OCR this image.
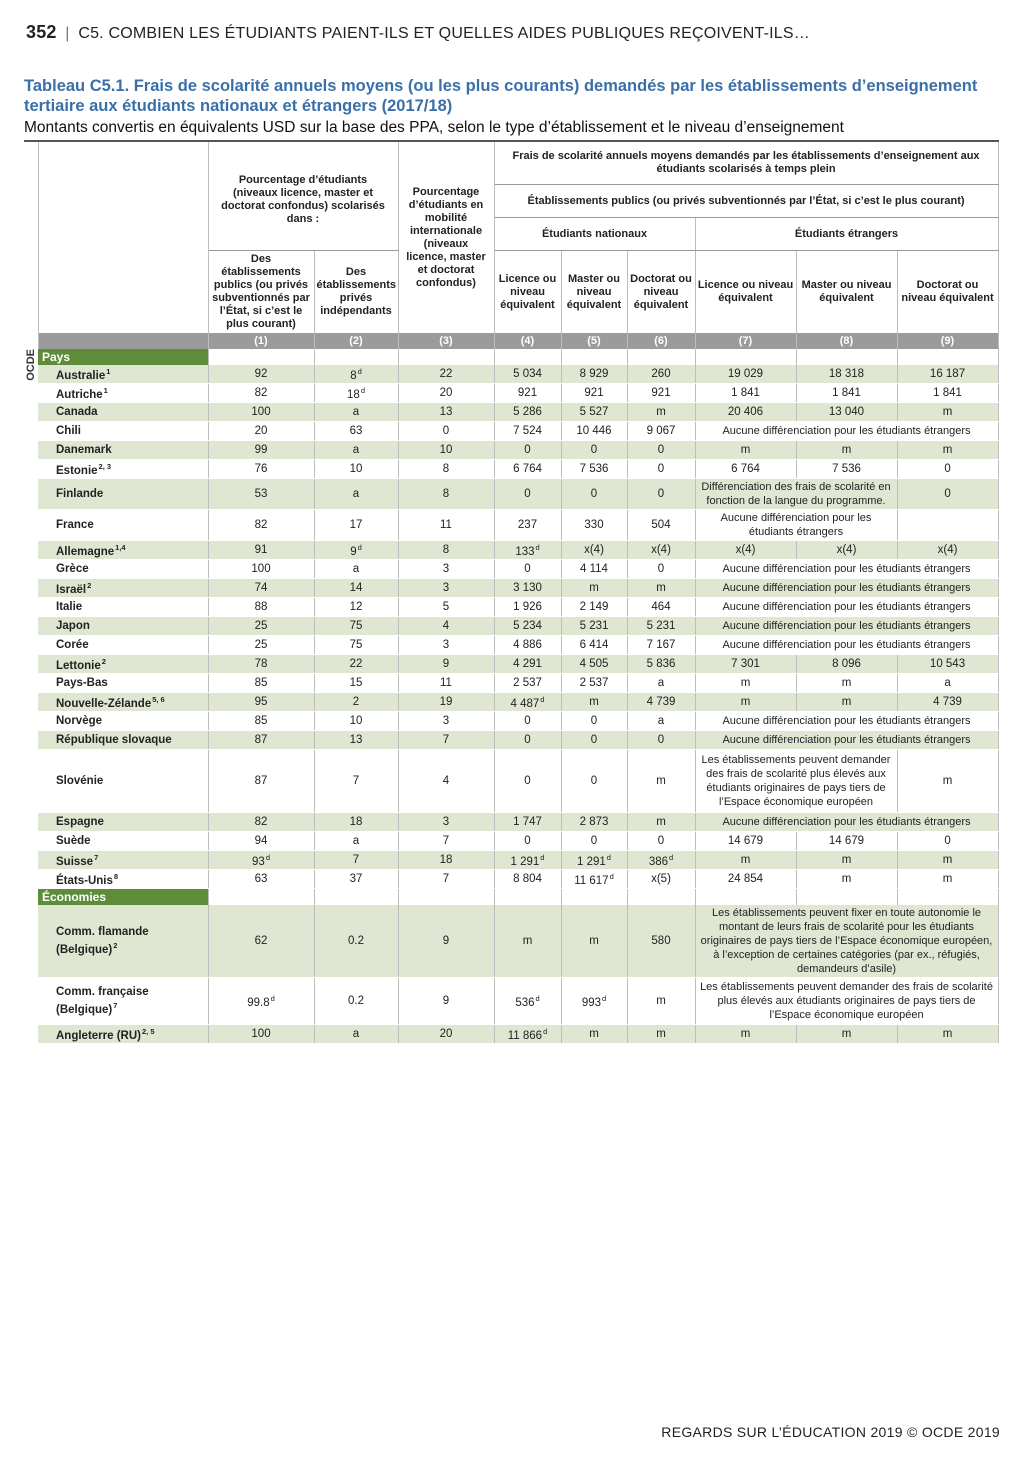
352 | C5. COMBIEN LES ÉTUDIANTS PAIENT-ILS ET QUELLES AIDES PUBLIQUES REÇOIVENT-ILS…
Tableau C5.1. Frais de scolarité annuels moyens (ou les plus courants) demandés par les établissements d’enseignement tertiaire aux étudiants nationaux et étrangers (2017/18)
Montants convertis en équivalents USD sur la base des PPA, selon le type d’établissement et le niveau d’enseignement
		Pourcentage d’étudiants (niveaux licence, master et doctorat confondus) scolarisés dans :		Pourcentage d’étudiants en mobilité internationale (niveaux licence, master et doctorat confondus)	Frais de scolarité annuels moyens demandés par les établissements d’enseignement aux étudiants scolarisés à temps plein					
					Établissements publics (ou privés subventionnés par l’État, si c’est le plus courant)					
					Étudiants nationaux			Étudiants étrangers		
		Des établissements publics (ou privés subventionnés par l’État, si c’est le plus courant)	Des établissements privés indépendants		Licence ou niveau équivalent	Master ou niveau équivalent	Doctorat ou niveau équivalent	Licence ou niveau équivalent	Master ou niveau équivalent	Doctorat ou niveau équivalent
		(1)	(2)	(3)	(4)	(5)	(6)	(7)	(8)	(9)
OCDE	Pays									
	Australie$^1$	92	8$^d$	22	5 034	8 929	260	19 029	18 318	16 187
	Autriche$^1$	82	18$^d$	20	921	921	921	1 841	1 841	1 841
	Canada	100	a	13	5 286	5 527	m	20 406	13 040	m
	Chili	20	63	0	7 524	10 446	9 067	Aucune différenciation pour les étudiants étrangers		
	Danemark	99	a	10	0	0	0	m	m	m
	Estonie$^{2, 3}$	76	10	8	6 764	7 536	0	6 764	7 536	0
	Finlande	53	a	8	0	0	0	Différenciation des frais de scolarité en fonction de la langue du programme.		0
	France	82	17	11	237	330	504	Aucune différenciation pour les étudiants étrangers		
	Allemagne$^{1,4}$	91	9$^d$	8	133$^d$	x(4)	x(4)	x(4)	x(4)	x(4)
	Grèce	100	a	3	0	4 114	0	Aucune différenciation pour les étudiants étrangers		
	Israël$^2$	74	14	3	3 130	m	m	Aucune différenciation pour les étudiants étrangers		
	Italie	88	12	5	1 926	2 149	464	Aucune différenciation pour les étudiants étrangers		
	Japon	25	75	4	5 234	5 231	5 231	Aucune différenciation pour les étudiants étrangers		
	Corée	25	75	3	4 886	6 414	7 167	Aucune différenciation pour les étudiants étrangers		
	Lettonie$^2$	78	22	9	4 291	4 505	5 836	7 301	8 096	10 543
	Pays-Bas	85	15	11	2 537	2 537	a	m	m	a
	Nouvelle-Zélande$^{5, 6}$	95	2	19	4 487$^d$	m	4 739	m	m	4 739
	Norvège	85	10	3	0	0	a	Aucune différenciation pour les étudiants étrangers		
	République slovaque	87	13	7	0	0	0	Aucune différenciation pour les étudiants étrangers		
	Slovénie	87	7	4	0	0	m	Les établissements peuvent demander des frais de scolarité plus élevés aux étudiants originaires de pays tiers de l’Espace économique européen		m
	Espagne	82	18	3	1 747	2 873	m	Aucune différenciation pour les étudiants étrangers		
	Suède	94	a	7	0	0	0	14 679	14 679	0
	Suisse$^7$	93$^d$	7	18	1 291$^d$	1 291$^d$	386$^d$	m	m	m
	États-Unis$^8$	63	37	7	8 804	11 617$^d$	x(5)	24 854	m	m
	Économies									
	Comm. flamande (Belgique)$^2$	62	0.2	9	m	m	580	Les établissements peuvent fixer en toute autonomie le montant de leurs frais de scolarité pour les étudiants originaires de pays tiers de l’Espace économique européen, à l’exception de certaines catégories (par ex., réfugiés, demandeurs d’asile)		
	Comm. française (Belgique)$^7$	99.8$^d$	0.2	9	536$^d$	993$^d$	m	Les établissements peuvent demander des frais de scolarité plus élevés aux étudiants originaires de pays tiers de l’Espace économique européen		
	Angleterre (RU)$^{2, 5}$	100	a	20	11 866$^d$	m	m	m	m	m
REGARDS SUR L’ÉDUCATION 2019 © OCDE 2019
